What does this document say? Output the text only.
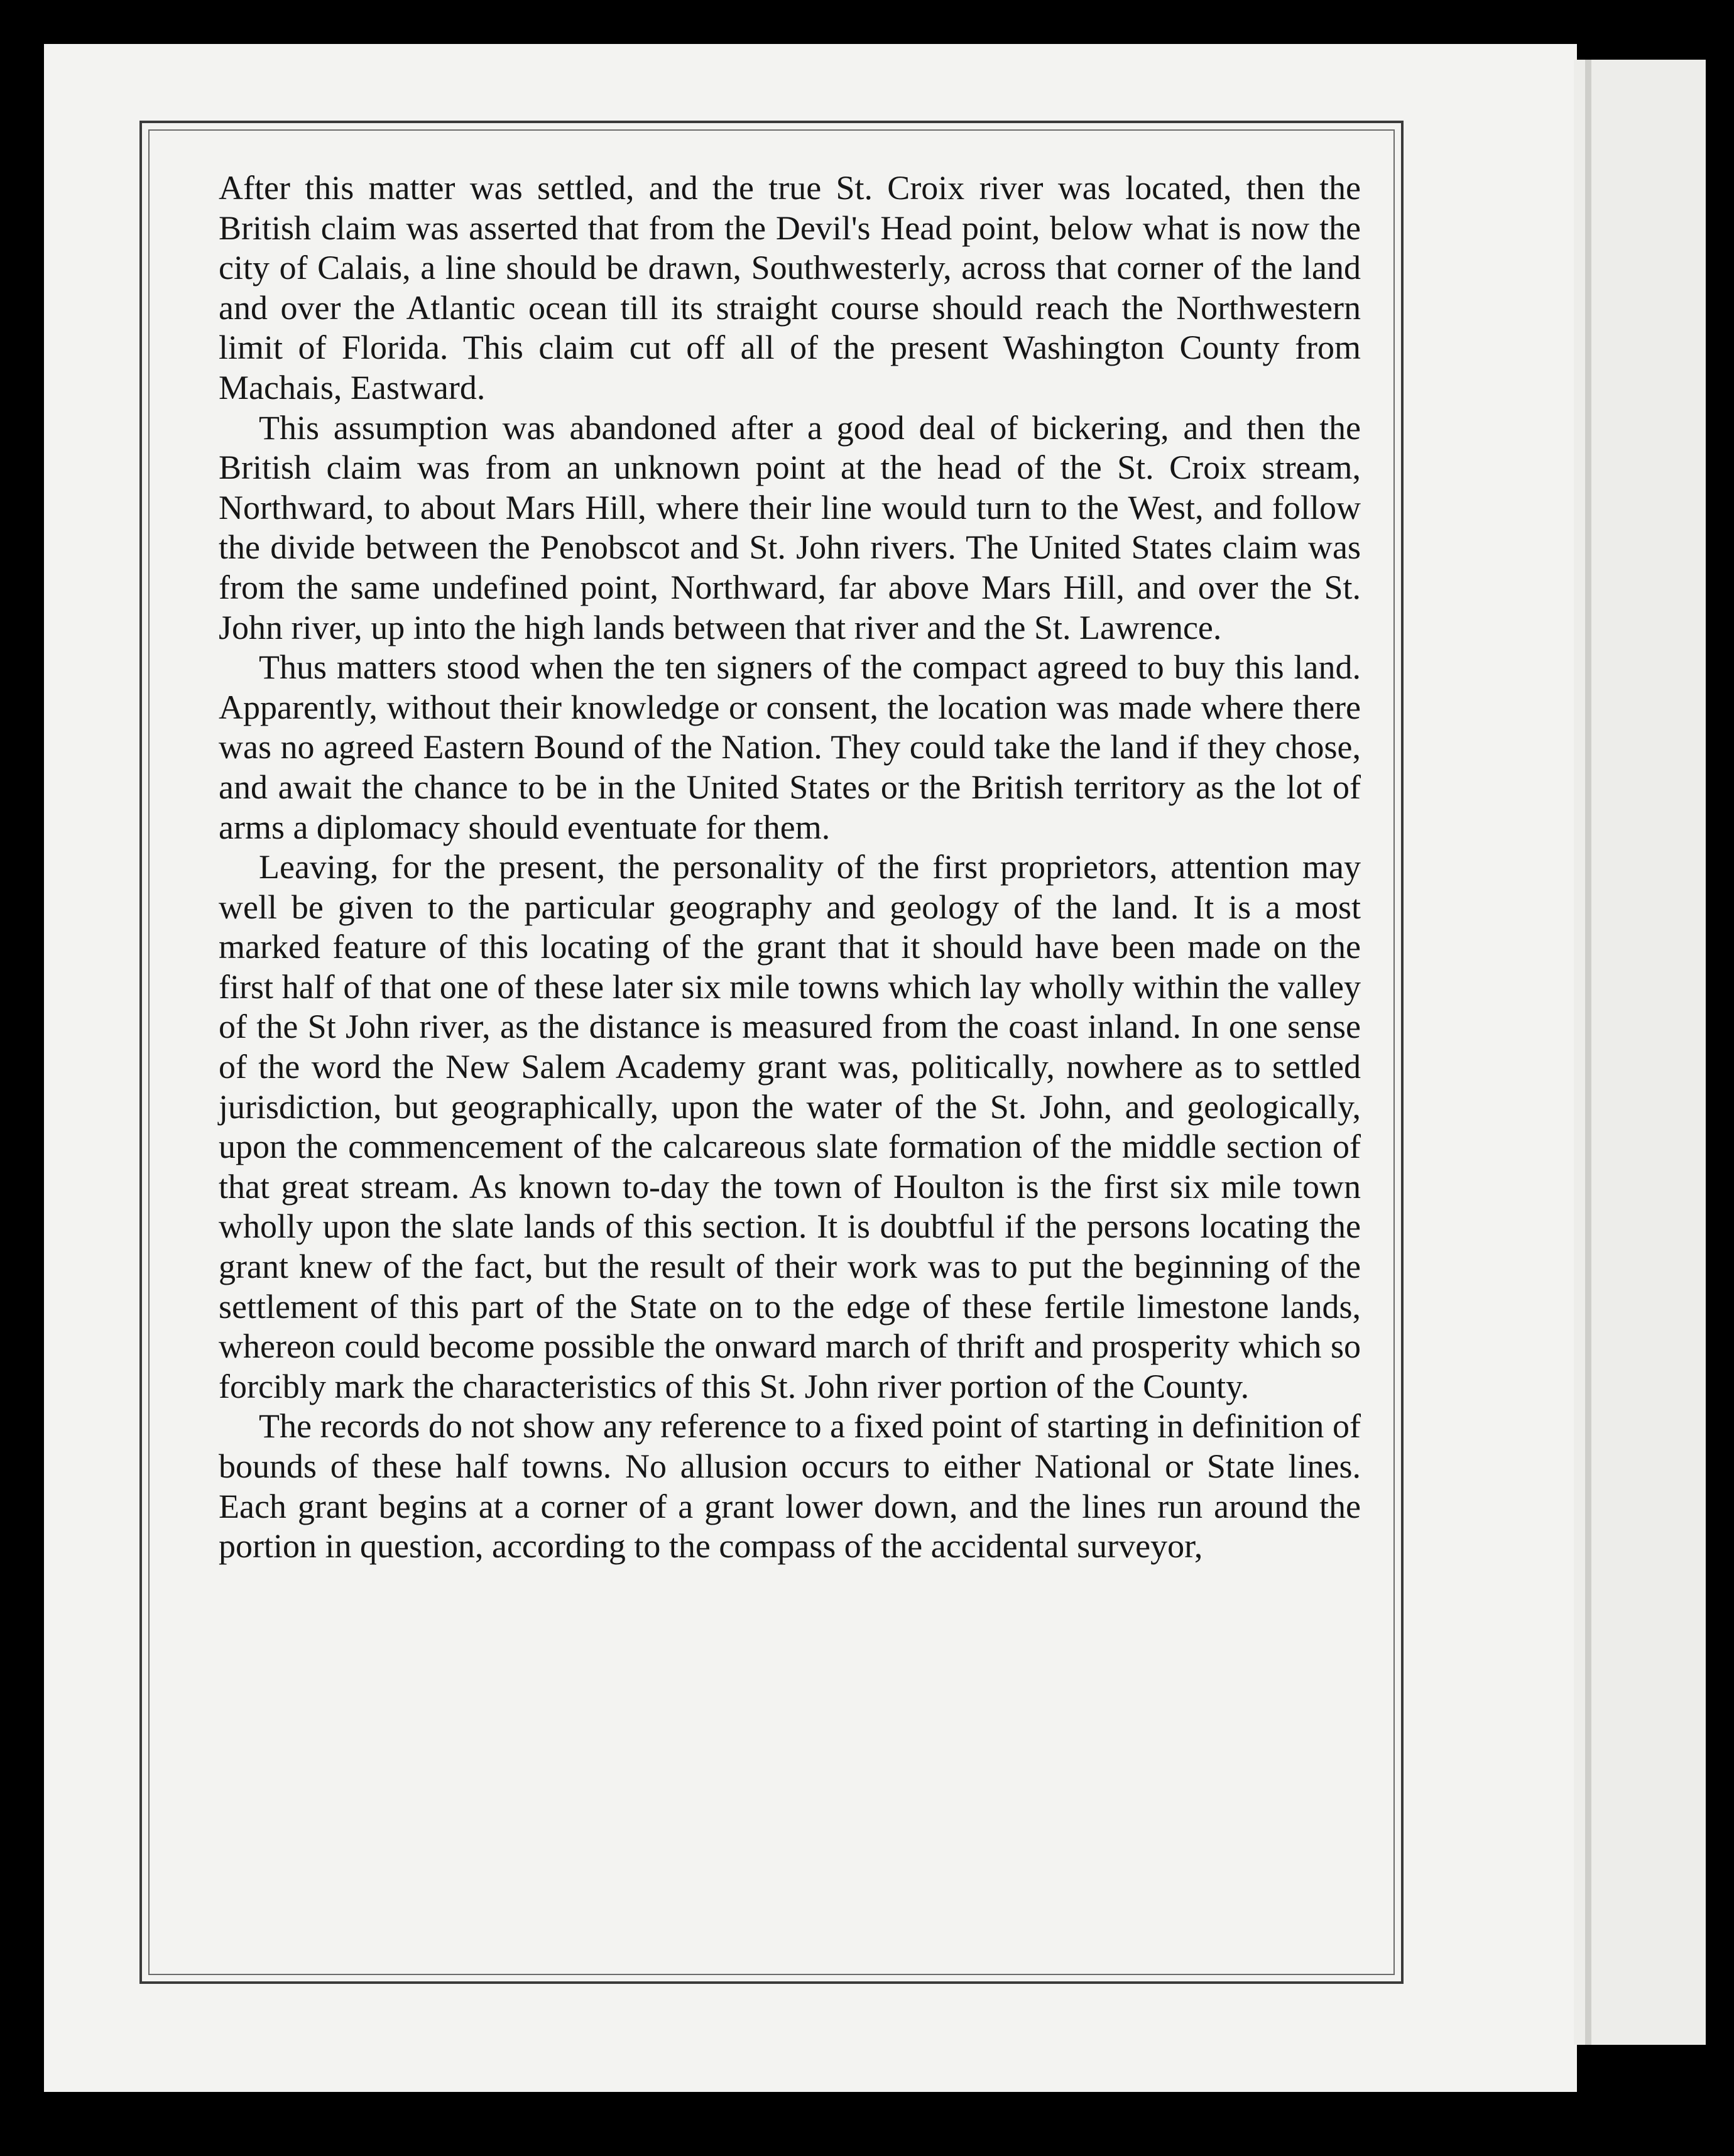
After this matter was settled, and the true St. Croix river was located, then the British claim was asserted that from the Devil's Head point, below what is now the city of Calais, a line should be drawn, Southwesterly, across that corner of the land and over the Atlantic ocean till its straight course should reach the Northwestern limit of Florida. This claim cut off all of the present Washington County from Machais, Eastward.

This assumption was abandoned after a good deal of bickering, and then the British claim was from an unknown point at the head of the St. Croix stream, Northward, to about Mars Hill, where their line would turn to the West, and follow the divide between the Penobscot and St. John rivers. The United States claim was from the same undefined point, Northward, far above Mars Hill, and over the St. John river, up into the high lands between that river and the St. Lawrence.

Thus matters stood when the ten signers of the compact agreed to buy this land. Apparently, without their knowledge or consent, the location was made where there was no agreed Eastern Bound of the Nation. They could take the land if they chose, and await the chance to be in the United States or the British territory as the lot of arms a diplomacy should eventuate for them.

Leaving, for the present, the personality of the first proprietors, attention may well be given to the particular geography and geology of the land. It is a most marked feature of this locating of the grant that it should have been made on the first half of that one of these later six mile towns which lay wholly within the valley of the St John river, as the distance is measured from the coast inland. In one sense of the word the New Salem Academy grant was, politically, nowhere as to settled jurisdiction, but geographically, upon the water of the St. John, and geologically, upon the commencement of the calcareous slate formation of the middle section of that great stream. As known to-day the town of Houlton is the first six mile town wholly upon the slate lands of this section. It is doubtful if the persons locating the grant knew of the fact, but the result of their work was to put the beginning of the settlement of this part of the State on to the edge of these fertile limestone lands, whereon could become possible the onward march of thrift and prosperity which so forcibly mark the characteristics of this St. John river portion of the County.

The records do not show any reference to a fixed point of starting in definition of bounds of these half towns. No allusion occurs to either National or State lines. Each grant begins at a corner of a grant lower down, and the lines run around the portion in question, according to the compass of the accidental surveyor,
